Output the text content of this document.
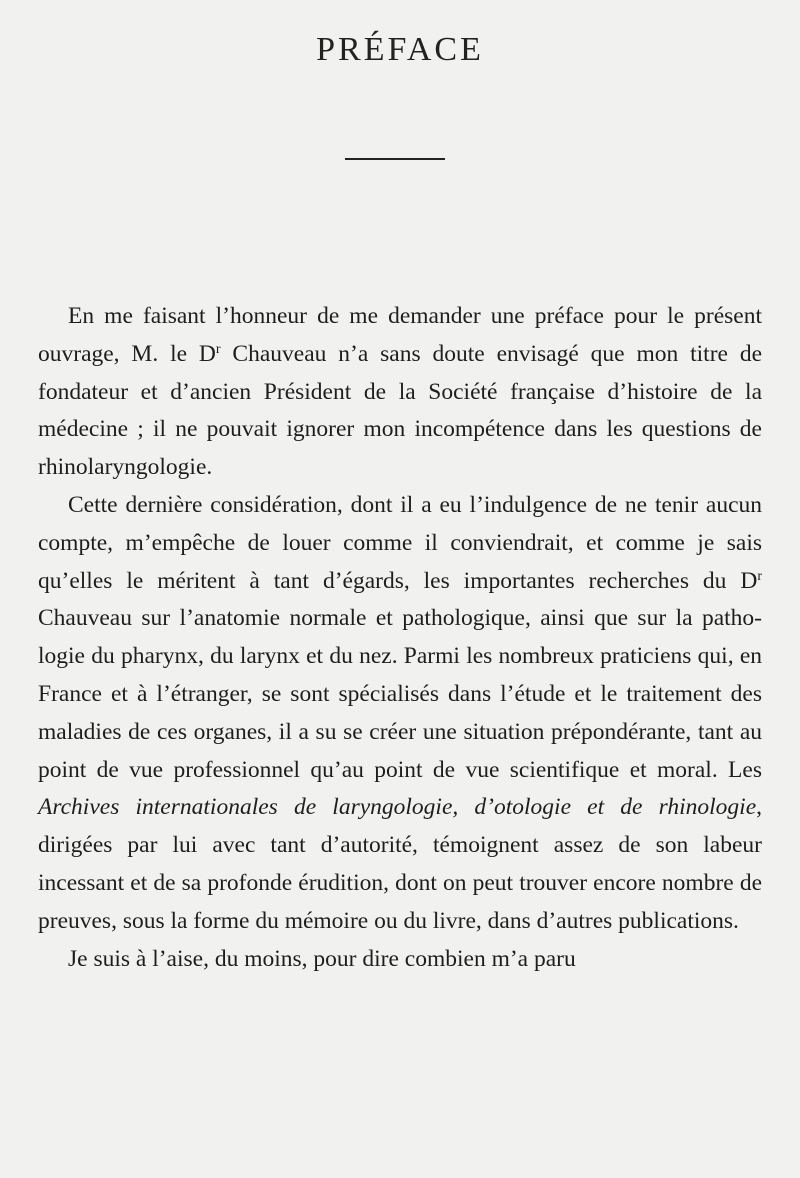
PRÉFACE

En me faisant l’honneur de me demander une préface pour le présent ouvrage, M. le $D^r$ Chauveau n’a sans doute envisagé que mon titre de fondateur et d’ancien Président de la Société française d’histoire de la médecine ; il ne pouvait ignorer mon incompétence dans les questions de rhinolaryngologie.

Cette dernière considération, dont il a eu l’indulgence de ne tenir aucun compte, m’empêche de louer comme il conviendrait, et comme je sais qu’elles le méritent à tant d’égards, les importantes recherches du $D^r$ Chauveau sur l’anatomie normale et pathologique, ainsi que sur la pathologie du pharynx, du larynx et du nez. Parmi les nombreux praticiens qui, en France et à l’étranger, se sont spécialisés dans l’étude et le traitement des maladies de ces organes, il a su se créer une situation prépondérante, tant au point de vue professionnel qu’au point de vue scientifique et moral. Les Archives internationales de laryngologie, d’otologie et de rhinologie, dirigées par lui avec tant d’autorité, témoignent assez de son labeur incessant et de sa profonde érudition, dont on peut trouver encore nombre de preuves, sous la forme du mémoire ou du livre, dans d’autres publications.

Je suis à l’aise, du moins, pour dire combien m’a paru
